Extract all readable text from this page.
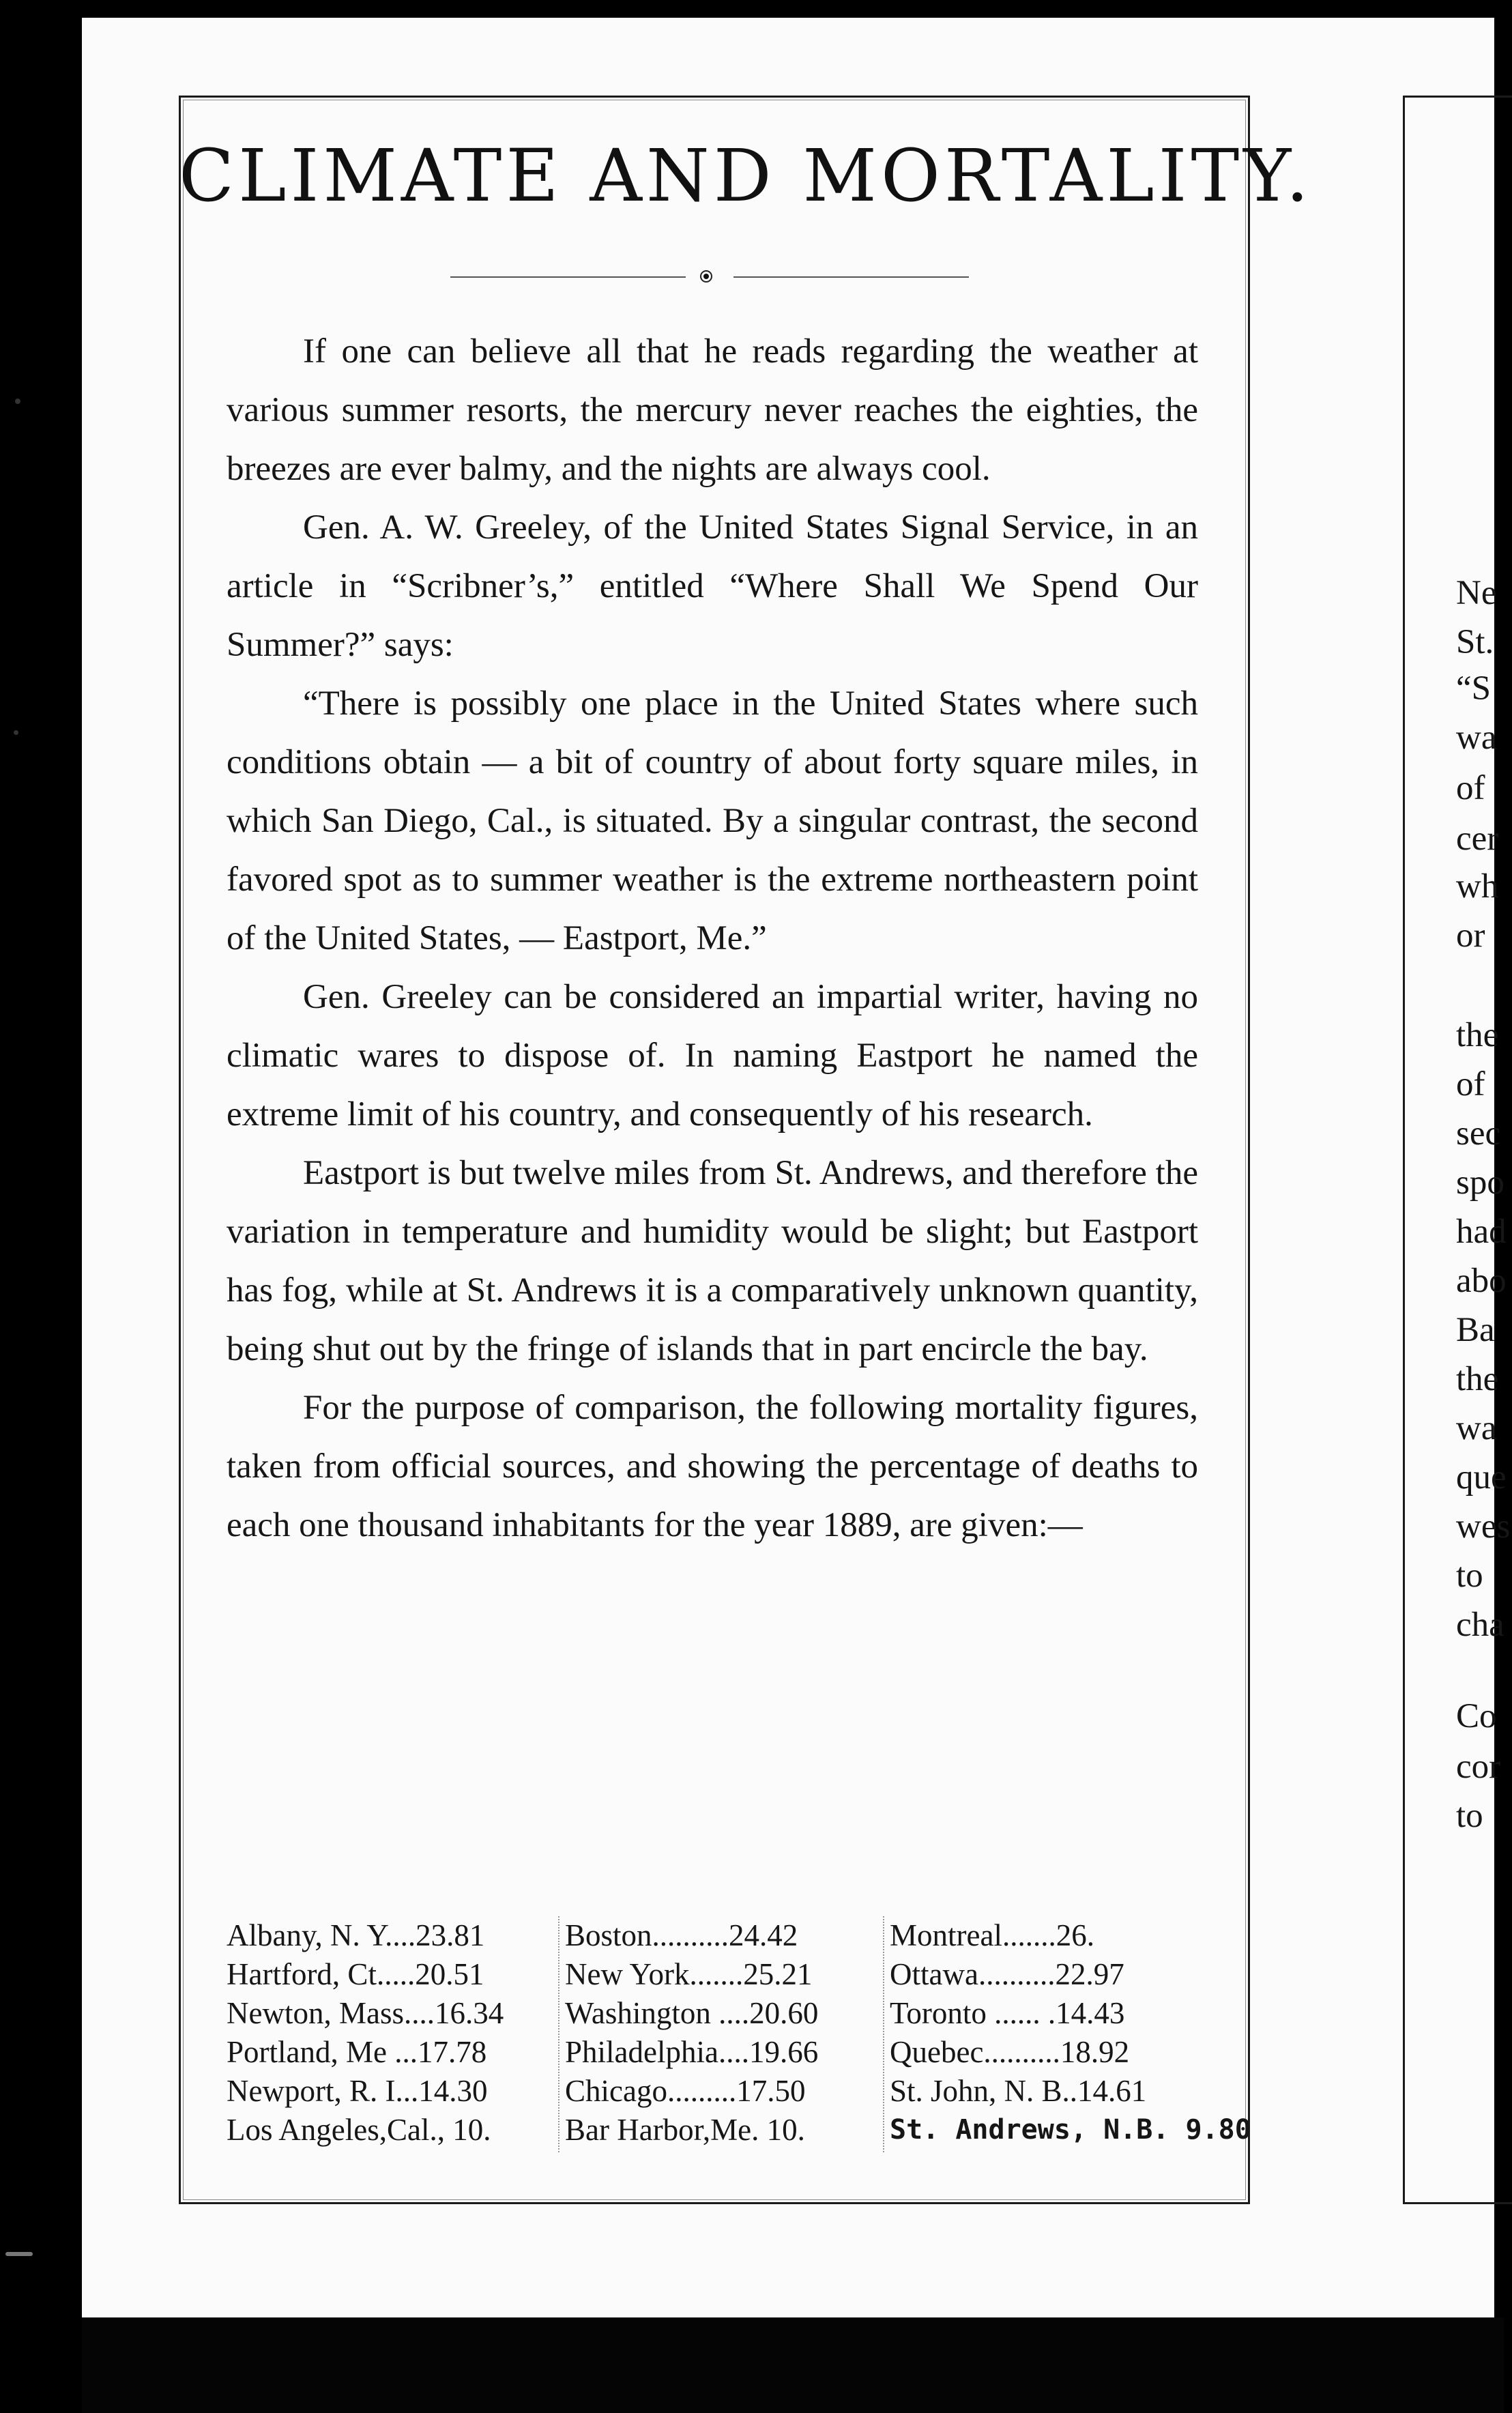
CLIMATE AND MORTALITY.

If one can believe all that he reads regarding the weather at various summer resorts, the mercury never reaches the eighties, the breezes are ever balmy, and the nights are always cool.

Gen. A. W. Greeley, of the United States Signal Service, in an article in “Scribner’s,” entitled “Where Shall We Spend Our Summer?” says:

“There is possibly one place in the United States where such conditions obtain — a bit of country of about forty square miles, in which San Diego, Cal., is situated. By a singular contrast, the second favored spot as to summer weather is the extreme northeastern point of the United States, — Eastport, Me.”

Gen. Greeley can be considered an impartial writer, having no climatic wares to dispose of. In naming Eastport he named the extreme limit of his country, and consequently of his research.

Eastport is but twelve miles from St. Andrews, and therefore the variation in temperature and humidity would be slight; but Eastport has fog, while at St. Andrews it is a comparatively unknown quantity, being shut out by the fringe of islands that in part encircle the bay.

For the purpose of comparison, the following mortality figures, taken from official sources, and showing the percentage of deaths to each one thousand inhabitants for the year 1889, are given:—

Albany, N. Y....23.81
Hartford, Ct.....20.51
Newton, Mass....16.34
Portland, Me ...17.78
Newport, R. I...14.30
Los Angeles,Cal., 10.
Boston..........24.42
New York.......25.21
Washington ....20.60
Philadelphia....19.66
Chicago.........17.50
Bar Harbor,Me. 10.
Montreal.......26.
Ottawa..........22.97
Toronto ...... .14.43
Quebec..........18.92
St. John, N. B..14.61
St. Andrews, N.B. 9.80
Ne
St.
“S
wa
of
cer
wh
or
the
of
sec
spo
had
abo
Ba
the
wa
que
wes
to
cha
Co
cor
to
